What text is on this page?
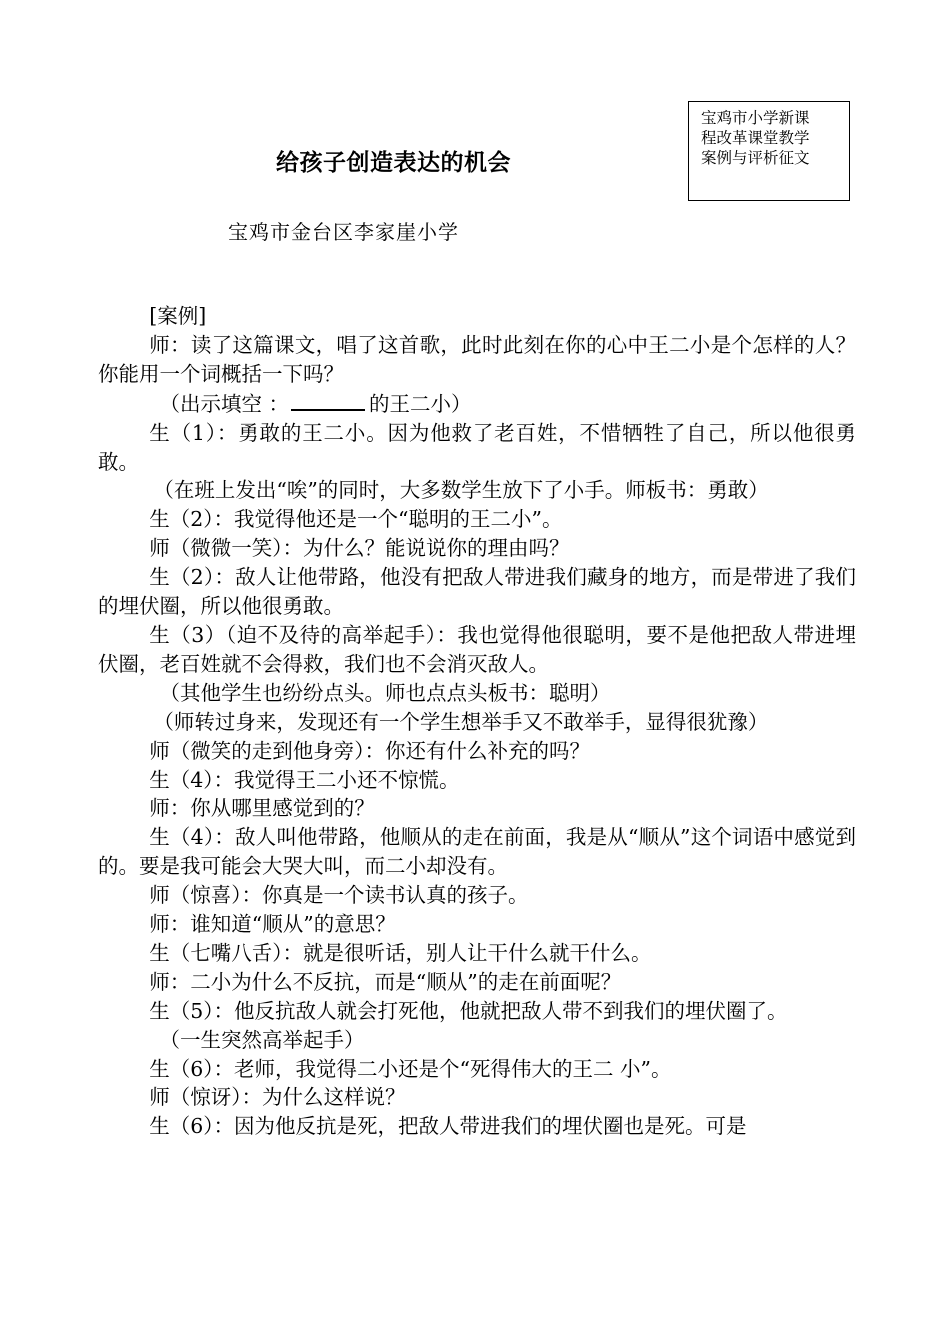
宝鸡市小学新课
程改革课堂教学
案例与评析征文
给孩子创造表达的机会
宝鸡市金台区李家崖小学

[案例]

师：读了这篇课文，唱了这首歌，此时此刻在你的心中王二小是个怎样的人？你能用一个词概括一下吗？

（出示填空 ：	的王二小）

生（1）：勇敢的王二小。因为他救了老百姓，不惜牺牲了自己，所以他很勇敢。

（在班上发出“唉”的同时，大多数学生放下了小手。师板书：勇敢）

生（2）：我觉得他还是一个“聪明的王二小”。

师（微微一笑）：为什么？能说说你的理由吗？

生（2）：敌人让他带路，他没有把敌人带进我们藏身的地方，而是带进了我们的埋伏圈，所以他很勇敢。

生（3）（迫不及待的高举起手）：我也觉得他很聪明，要不是他把敌人带进埋伏圈，老百姓就不会得救，我们也不会消灭敌人。

（其他学生也纷纷点头。师也点点头板书：聪明）

（师转过身来，发现还有一个学生想举手又不敢举手，显得很犹豫）

师（微笑的走到他身旁）：你还有什么补充的吗？

生（4）：我觉得王二小还不惊慌。

师：你从哪里感觉到的？

生（4）：敌人叫他带路，他顺从的走在前面，我是从“顺从”这个词语中感觉到的。要是我可能会大哭大叫，而二小却没有。

师（惊喜）：你真是一个读书认真的孩子。

师：谁知道“顺从”的意思？

生（七嘴八舌）：就是很听话，别人让干什么就干什么。

师：二小为什么不反抗，而是“顺从”的走在前面呢？

生（5）：他反抗敌人就会打死他，他就把敌人带不到我们的埋伏圈了。

（一生突然高举起手）

生（6）：老师，我觉得二小还是个“死得伟大的王二 小”。

师（惊讶）：为什么这样说？

生（6）：因为他反抗是死，把敌人带进我们的埋伏圈也是死。可是
